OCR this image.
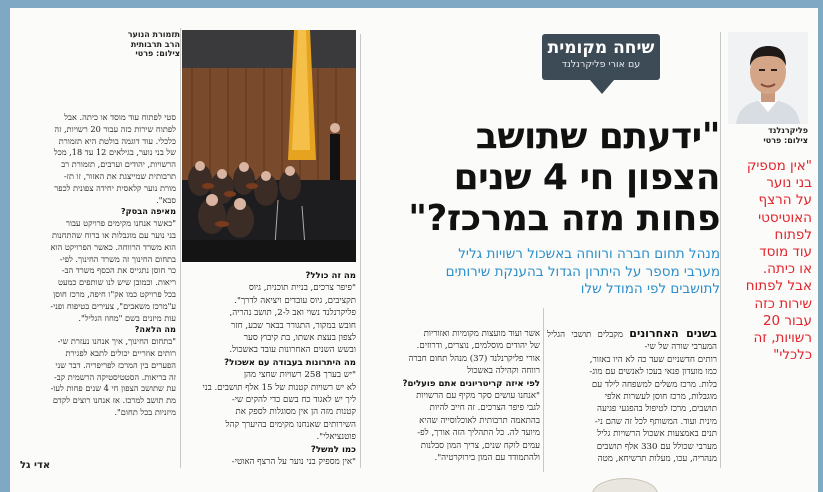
תזמורת הנוער
הרב תרבותית
צילום: פרטי	שיחה מקומית
עם אורי פליקרנלנד
פליקרנלנד
צילום: פרטי
"אין מספיק
בני נוער
על הרצף
האוטיסטי
לפתוח
עוד מוסד
או כיתה.
אבל לפתוח
שירות כזה
עבור 20
רשויות, זה
כלכלי"
"ידעתם שתושב
הצפון חי 4 שנים
פחות מזה במרכז?"
מנהל תחום חברה ורווחה באשכול רשויות גליל
מערבי מספר על היתרון הגדול בהענקת שירותים
לתושבים לפי המודל שלו

בשנים האחרונים מקבלים תושבי הגליל המערבי שורה של שי-

רותים חדשניים שעד כה לא היו באזור,

כמו מועדון פנאי בעכו לאנשים עם מוג-

בלות. מרכז משלים למשפחה לילד עם

מוגבלות, מרכז חוסן לעשרות אלפי

תושבים, מרכז לטיפול בהפגעי פגיעה

מינית ועוד. המשותף לכל זה שהם ני-

תנים באמצעות אשכול הרשויות גליל

מערבי שכולל עם 330 אלף תושבים

מנהריה, עכו, מעלות תרשיחא, מטה

אשר ועוד מועצות מקומיות ואזוריות

של יהודים מוסלמים, נוצרים, ודרוזים.

אורי פליקרנלנד (37) מנהל תחום חברה

רווחה וקהילה באשכול

לפי איזה קריטריונים אתם פועלים?

"אנחנו עושים סקר מקיף עם הרשויות

לגבי פיפר הצרכים. זה חייב להיות

בהתאמה תרבותית לאוכלוסייה שהיא

מיועד לה. כל התהליך הזה אורך, לפ-

עמים לוקח שנים, צריך המון סבלנות

ולהתמודד עם המון בירוקרטיה".

מה זה כולל?

"פיפר צרכים, בניית תוכנית, גיוס

תקציבים, גיוס עובדים ויציאה לדרך".

פליקרנלנד נשוי ואב ל-2, תושב נהריה,

חובש במקור, התגורר בבאר שבע, חזר

לצפון בעצת אשתו, בת קיבוץ סער

ובשש השנים האחרונות עובד באשכול.

מה היתרונות בעבודה עם אשכול?

"יש בערך 258 רשויות שחצי מהן

לא יש רשויות קטנות של 15 אלף תושבים. בני

ליך יש לאגוד כח בשם כדי להקים שי-

קטנות מזה הן אין מסוגלות לספק את

השירותים שאנחנו מקימים בהיערך קהל

פוטנציאלי".

כמו למשל?

"אין מספיק בני נוער על הרצף האוטי-

סטי לפתוח עוד מוסד או כיתה. אבל

לפתוח שירות כזה עבור 20 רשויות, זה

כלכלי. עוד דוגמה בולטת היא תזמורת

של בני נוער, בגילאים 12 עד 18, מכל

הרשויות, יהודים וערבים, תזמורת רב

תרבותית שמייצגת את האזור, זו תז-

מורת נוער קלאסית יחידה צפונית לכפר

סבא".

מאיפה הבסק?

"כאשר אנחנו מקימים פרויקט עבור

בני נוער עם מוגבלות או ברוח שהתחנות

הוא משרד הרווחה. כאשר הפרויקט הוא

בתחום החינוך זה משרד החינוך. לפי-

כר חוסן נתגייס את הכסף משרד הב-

ריאות. וכמובן שיש לנו שותפים כמעט

בכל פרויקט כמו אק"ו חיפה, מרכז חוסן

ע"מרכז משאבים", צעירים בטיפוח ופני-

עות מיזנים בשם "מחוז הגליל".

מה הלאה?

"בתחום החינוך, איך אנחנו נעזרת שי-

רותים אוזריים יכולים לתבא לפגירת

הפערים בין המרכז לפריפריה. דבר שני

זה בריאות. הסטטיסטיקה הרשמית קב-

עת שתושב הצפון חי 4 שנים פחות לעו-

מת תושב למרכז. אז אנחנו רוצים לקדם

מיזניות בכל תחום".

אדי גל
